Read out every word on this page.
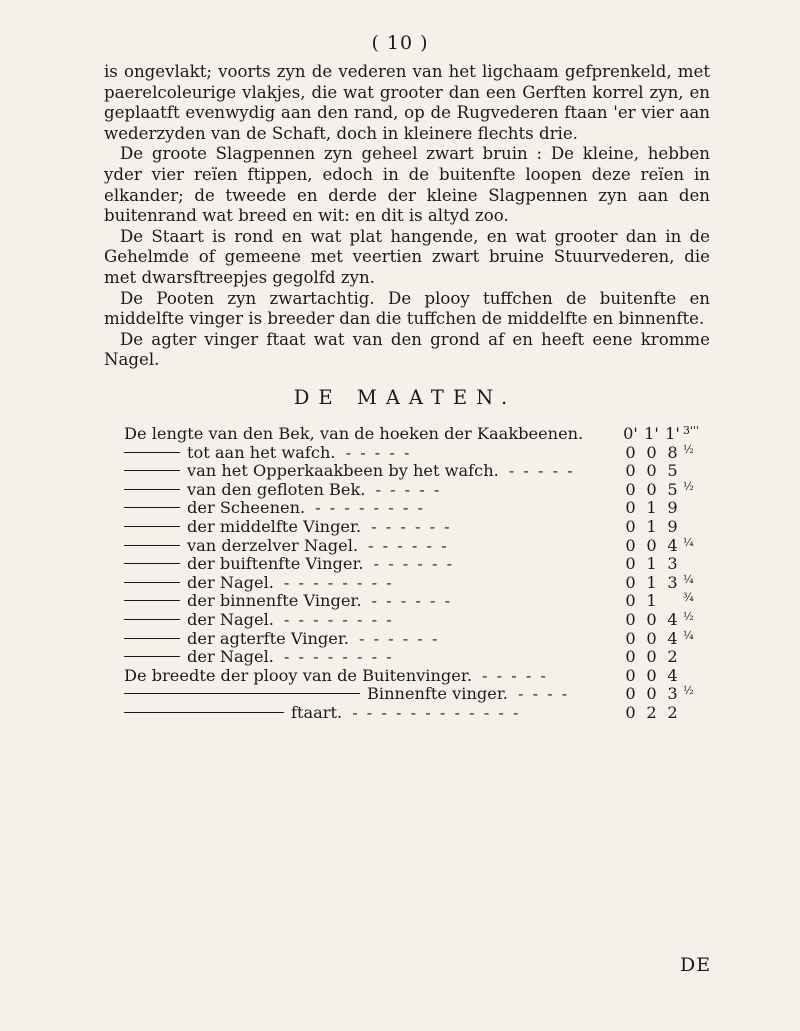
( 10 )

is ongevlakt; voorts zyn de vederen van het ligchaam gefprenkeld, met paerelcoleurige vlakjes, die wat grooter dan een Gerften korrel zyn, en geplaatft evenwydig aan den rand, op de Rugvederen ftaan 'er vier aan wederzyden van de Schaft, doch in kleinere flechts drie.

De groote Slagpennen zyn geheel zwart bruin : De kleine, hebben yder vier reïen ftippen, edoch in de buitenfte loopen deze reïen in elkander; de tweede en derde der kleine Slagpennen zyn aan den buitenrand wat breed en wit: en dit is altyd zoo.

De Staart is rond en wat plat hangende, en wat grooter dan in de Gehelmde of gemeene met veertien zwart bruine Stuurvederen, die met dwarsftreepjes gegolfd zyn.

De Pooten zyn zwartachtig. De plooy tuffchen de buitenfte en middelfte vinger is breeder dan die tuffchen de middelfte en binnenfte.

De agter vinger ftaat wat van den grond af en heeft eene kromme Nagel.

DE MAATEN.
De lengte van den Bek, van de hoeken der Kaakbeenen. 0' 1' 1' 3'''
tot aan het wafch. - - - - -	0 0 8 ½
van het Opperkaakbeen by het wafch. - - - - -	0 0 5
van den gefloten Bek. - - - - -	0 0 5 ½
der Scheenen. - - - - - - - -	0 1 9
der middelfte Vinger. - - - - - -	0 1 9
van derzelver Nagel. - - - - - -	0 0 4 ¼
der buiftenfte Vinger. - - - - - -	0 1 3
der Nagel. - - - - - - - -	0 1 3 ¼
der binnenfte Vinger. - - - - - -	0 1	¾
der Nagel. - - - - - - - -	0 0 4 ½
der agterfte Vinger. - - - - - -	0 0 4 ¼
der Nagel. - - - - - - - -	0 0 2
De breedte der plooy van de Buitenvinger. - - - - -	0 0 4
Binnenfte vinger. - - - -	0 0 3 ½
ftaart. - - - - - - - - - - - -	0 2 2
DE
